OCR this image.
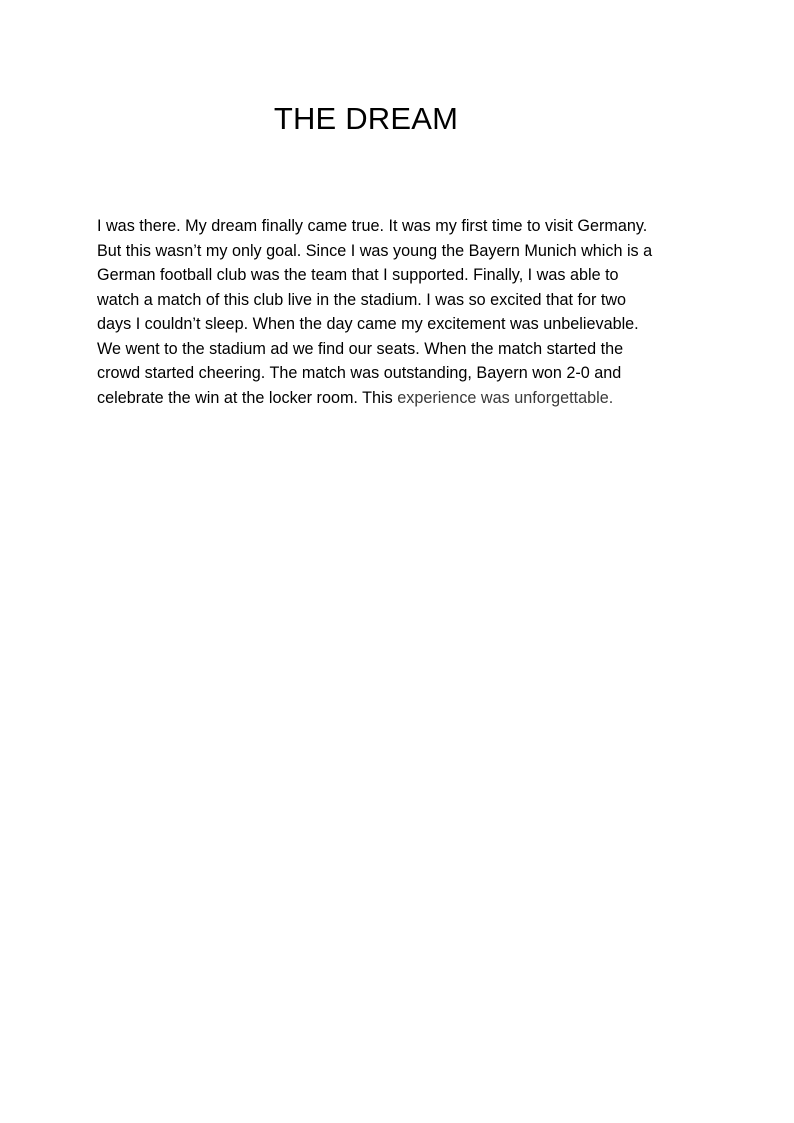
THE DREAM

I was there. My dream finally came true. It was my first time to visit Germany.
But this wasn’t my only goal. Since I was young the Bayern Munich which is a
German football club was the team that I supported. Finally, I was able to
watch a match of this club live in the stadium. I was so excited that for two
days I couldn’t sleep. When the day came my excitement was unbelievable.
We went to the stadium ad we find our seats. When the match started the
crowd started cheering. The match was outstanding, Bayern won 2-0 and
celebrate the win at the locker room. This experience was unforgettable.
